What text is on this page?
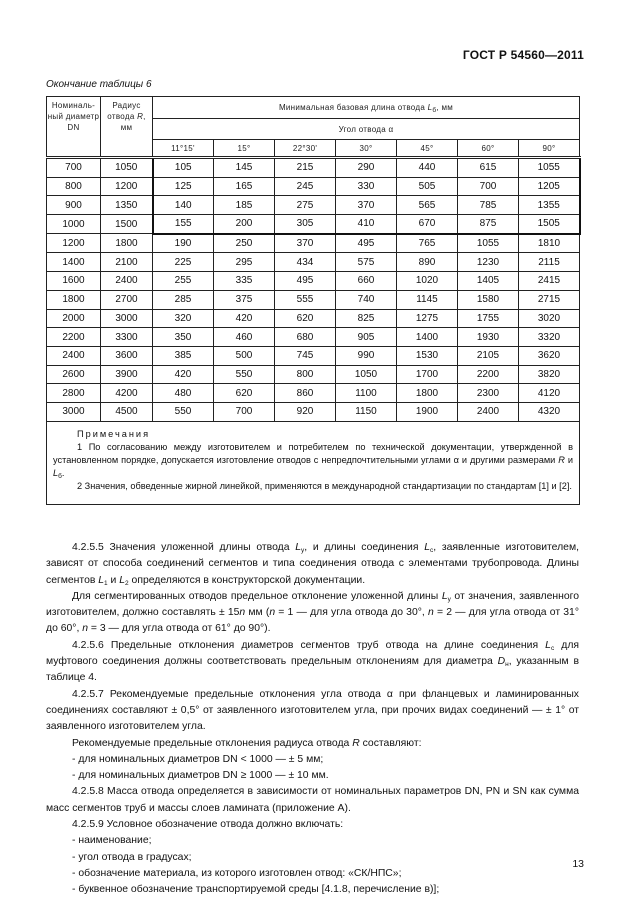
ГОСТ Р 54560—2011
Окончание таблицы 6
Номиналь-ный диаметр DN	Радиус отвода R, мм	Минимальная базовая длина отвода $L_б$, мм						
		Угол отвода α						
		11°15'	15°	22°30'	30°	45°	60°	90°
700	1050	105	145	215	290	440	615	1055
800	1200	125	165	245	330	505	700	1205
900	1350	140	185	275	370	565	785	1355
1000	1500	155	200	305	410	670	875	1505
1200	1800	190	250	370	495	765	1055	1810
1400	2100	225	295	434	575	890	1230	2115
1600	2400	255	335	495	660	1020	1405	2415
1800	2700	285	375	555	740	1145	1580	2715
2000	3000	320	420	620	825	1275	1755	3020
2200	3300	350	460	680	905	1400	1930	3320
2400	3600	385	500	745	990	1530	2105	3620
2600	3900	420	550	800	1050	1700	2200	3820
2800	4200	480	620	860	1100	1800	2300	4120
3000	4500	550	700	920	1150	1900	2400	4320

Примечания

1 По согласованию между изготовителем и потребителем по технической документации, утвержденной в установленном порядке, допускается изготовление отводов с непредпочтительными углами α и другими размерами R и $L_б$.

2 Значения, обведенные жирной линейкой, применяются в международной стандартизации по стандартам [1] и [2].								

4.2.5.5 Значения уложенной длины отвода $L_у$, и длины соединения $L_с$, заявленные изготовителем, зависят от способа соединений сегментов и типа соединения отвода с элементами трубопровода. Длины сегментов $L_1$ и $L_2$ определяются в конструкторской документации.

Для сегментированных отводов предельное отклонение уложенной длины $L_у$ от значения, заявленного изготовителем, должно составлять ± 15n мм (n = 1 — для угла отвода до 30°, n = 2 — для угла отвода от 31° до 60°, n = 3 — для угла отвода от 61° до 90°).

4.2.5.6 Предельные отклонения диаметров сегментов труб отвода на длине соединения $L_с$ для муфтового соединения должны соответствовать предельным отклонениям для диаметра $D_н$, указанным в таблице 4.

4.2.5.7 Рекомендуемые предельные отклонения угла отвода α при фланцевых и ламинированных соединениях составляют ± 0,5° от заявленного изготовителем угла, при прочих видах соединений — ± 1° от заявленного изготовителем угла.

Рекомендуемые предельные отклонения радиуса отвода R составляют:

- для номинальных диаметров DN < 1000 — ± 5 мм;

- для номинальных диаметров DN ≥ 1000 — ± 10 мм.

4.2.5.8 Масса отвода определяется в зависимости от номинальных параметров DN, PN и SN как сумма масс сегментов труб и массы слоев ламината (приложение А).

4.2.5.9 Условное обозначение отвода должно включать:

- наименование;

- угол отвода в градусах;

- обозначение материала, из которого изготовлен отвод: «СК/НПС»;

- буквенное обозначение транспортируемой среды [4.1.8, перечисление в)];

13
